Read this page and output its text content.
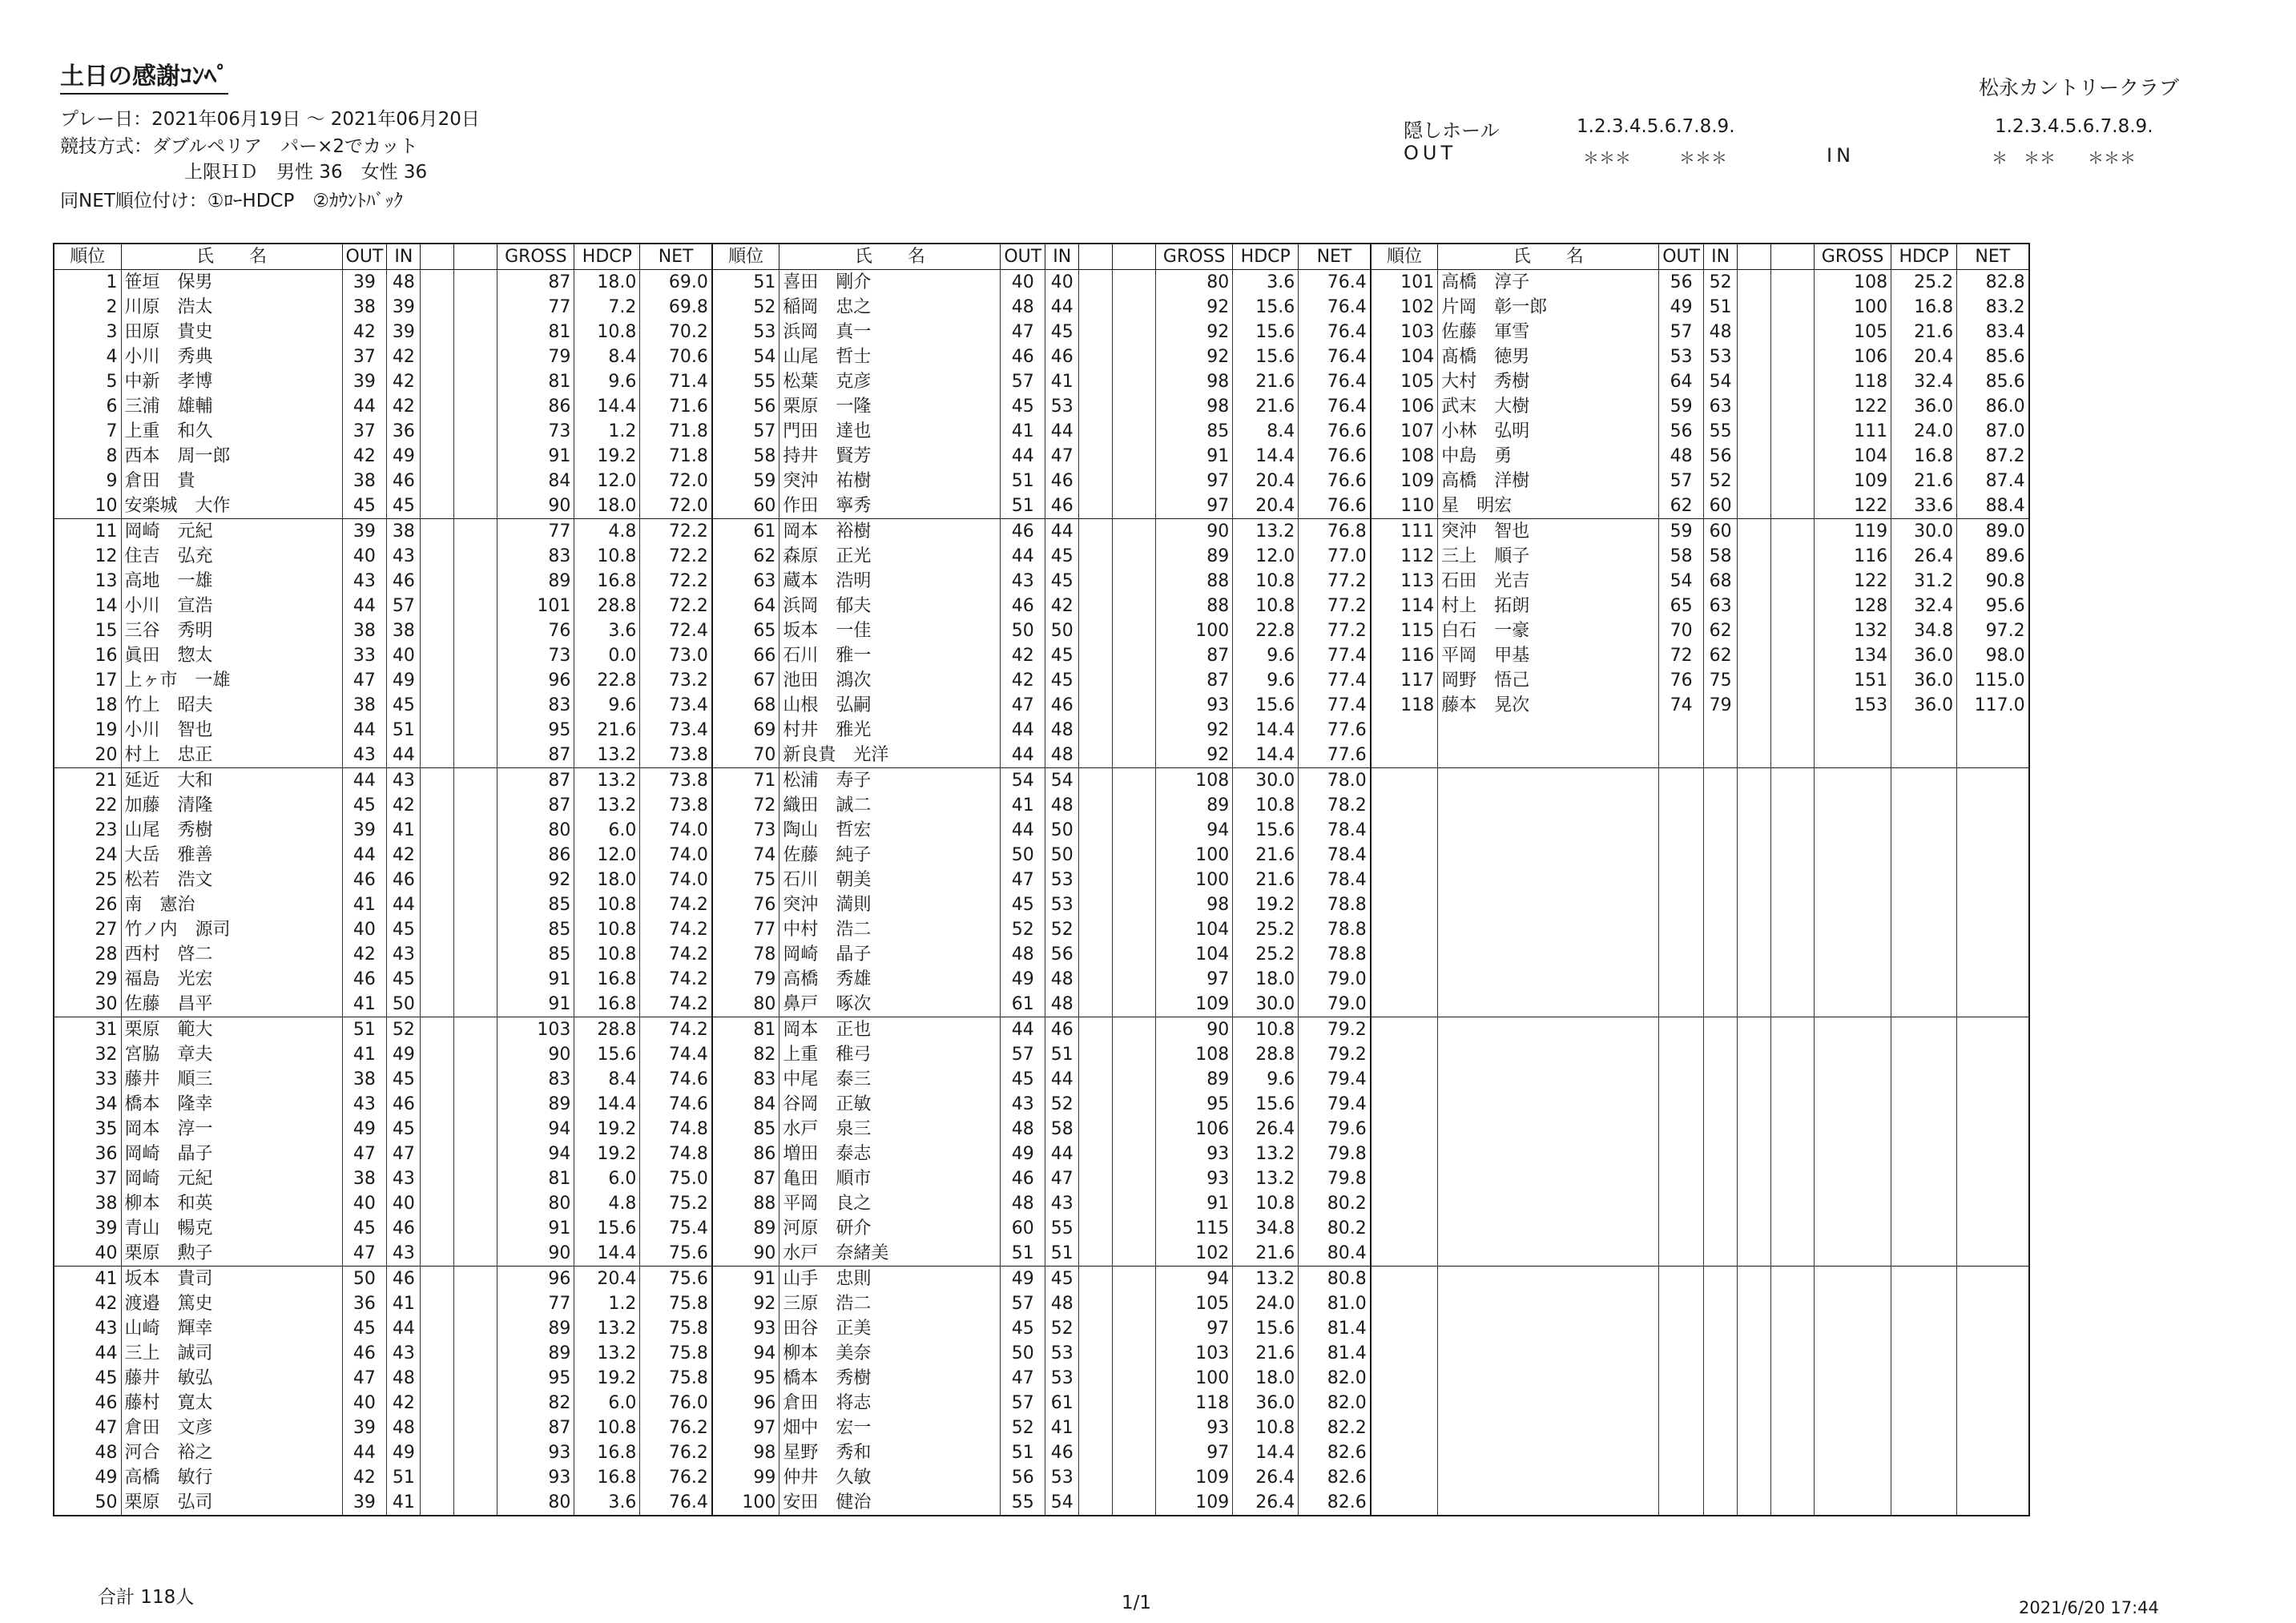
土日の感謝ｺﾝﾍﾟ	松永カントリークラブ
プレー日：2021年06月19日 ～ 2021年06月20日
競技方式：ダブルペリア　パー×2でカット
上限ＨＤ　男性 36　女性 36
同NET順位付け：①ﾛｰHDCP　②ｶｳﾝﾄﾊﾞｯｸ
隠しホール
OUT
1.2.3.4.5.6.7.8.9.	1.2.3.4.5.6.7.8.9.
＊＊＊　　　＊＊＊	IN	＊　＊＊　　＊＊＊
順位	氏　　名	OUT	IN			GROSS	HDCP	NET	順位	氏　　名	OUT	IN			GROSS	HDCP	NET	順位	氏　　名	OUT	IN			GROSS	HDCP	NET
1	笹垣　保男	39	48			87	18.0	69.0	51	喜田　剛介	40	40			80	3.6	76.4	101	高橋　淳子	56	52			108	25.2	82.8
2	川原　浩太	38	39			77	7.2	69.8	52	稲岡　忠之	48	44			92	15.6	76.4	102	片岡　彰一郎	49	51			100	16.8	83.2
3	田原　貴史	42	39			81	10.8	70.2	53	浜岡　真一	47	45			92	15.6	76.4	103	佐藤　軍雪	57	48			105	21.6	83.4
4	小川　秀典	37	42			79	8.4	70.6	54	山尾　哲士	46	46			92	15.6	76.4	104	髙橋　徳男	53	53			106	20.4	85.6
5	中新　孝博	39	42			81	9.6	71.4	55	松葉　克彦	57	41			98	21.6	76.4	105	大村　秀樹	64	54			118	32.4	85.6
6	三浦　雄輔	44	42			86	14.4	71.6	56	栗原　一隆	45	53			98	21.6	76.4	106	武末　大樹	59	63			122	36.0	86.0
7	上重　和久	37	36			73	1.2	71.8	57	門田　達也	41	44			85	8.4	76.6	107	小林　弘明	56	55			111	24.0	87.0
8	西本　周一郎	42	49			91	19.2	71.8	58	持井　賢芳	44	47			91	14.4	76.6	108	中島　勇	48	56			104	16.8	87.2
9	倉田　貴	38	46			84	12.0	72.0	59	突沖　祐樹	51	46			97	20.4	76.6	109	高橋　洋樹	57	52			109	21.6	87.4
10	安楽城　大作	45	45			90	18.0	72.0	60	作田　寧秀	51	46			97	20.4	76.6	110	星　明宏	62	60			122	33.6	88.4
11	岡崎　元紀	39	38			77	4.8	72.2	61	岡本　裕樹	46	44			90	13.2	76.8	111	突沖　智也	59	60			119	30.0	89.0
12	住吉　弘充	40	43			83	10.8	72.2	62	森原　正光	44	45			89	12.0	77.0	112	三上　順子	58	58			116	26.4	89.6
13	高地　一雄	43	46			89	16.8	72.2	63	蔵本　浩明	43	45			88	10.8	77.2	113	石田　光吉	54	68			122	31.2	90.8
14	小川　宣浩	44	57			101	28.8	72.2	64	浜岡　郁夫	46	42			88	10.8	77.2	114	村上　拓朗	65	63			128	32.4	95.6
15	三谷　秀明	38	38			76	3.6	72.4	65	坂本　一佳	50	50			100	22.8	77.2	115	白石　一豪	70	62			132	34.8	97.2
16	眞田　惣太	33	40			73	0.0	73.0	66	石川　雅一	42	45			87	9.6	77.4	116	平岡　甲基	72	62			134	36.0	98.0
17	上ヶ市　一雄	47	49			96	22.8	73.2	67	池田　鴻次	42	45			87	9.6	77.4	117	岡野　悟己	76	75			151	36.0	115.0
18	竹上　昭夫	38	45			83	9.6	73.4	68	山根　弘嗣	47	46			93	15.6	77.4	118	藤本　晃次	74	79			153	36.0	117.0
19	小川　智也	44	51			95	21.6	73.4	69	村井　雅光	44	48			92	14.4	77.6									
20	村上　忠正	43	44			87	13.2	73.8	70	新良貴　光洋	44	48			92	14.4	77.6									
21	延近　大和	44	43			87	13.2	73.8	71	松浦　寿子	54	54			108	30.0	78.0									
22	加藤　清隆	45	42			87	13.2	73.8	72	織田　誠二	41	48			89	10.8	78.2									
23	山尾　秀樹	39	41			80	6.0	74.0	73	陶山　哲宏	44	50			94	15.6	78.4									
24	大岳　雅善	44	42			86	12.0	74.0	74	佐藤　純子	50	50			100	21.6	78.4									
25	松若　浩文	46	46			92	18.0	74.0	75	石川　朝美	47	53			100	21.6	78.4									
26	南　憲治	41	44			85	10.8	74.2	76	突沖　満則	45	53			98	19.2	78.8									
27	竹ノ内　源司	40	45			85	10.8	74.2	77	中村　浩二	52	52			104	25.2	78.8									
28	西村　啓二	42	43			85	10.8	74.2	78	岡崎　晶子	48	56			104	25.2	78.8									
29	福島　光宏	46	45			91	16.8	74.2	79	高橋　秀雄	49	48			97	18.0	79.0									
30	佐藤　昌平	41	50			91	16.8	74.2	80	鼻戸　啄次	61	48			109	30.0	79.0									
31	栗原　範大	51	52			103	28.8	74.2	81	岡本　正也	44	46			90	10.8	79.2									
32	宮脇　章夫	41	49			90	15.6	74.4	82	上重　稚弓	57	51			108	28.8	79.2									
33	藤井　順三	38	45			83	8.4	74.6	83	中尾　泰三	45	44			89	9.6	79.4									
34	橋本　隆幸	43	46			89	14.4	74.6	84	谷岡　正敏	43	52			95	15.6	79.4									
35	岡本　淳一	49	45			94	19.2	74.8	85	水戸　泉三	48	58			106	26.4	79.6									
36	岡崎　晶子	47	47			94	19.2	74.8	86	増田　泰志	49	44			93	13.2	79.8									
37	岡崎　元紀	38	43			81	6.0	75.0	87	亀田　順市	46	47			93	13.2	79.8									
38	柳本　和英	40	40			80	4.8	75.2	88	平岡　良之	48	43			91	10.8	80.2									
39	青山　暢克	45	46			91	15.6	75.4	89	河原　研介	60	55			115	34.8	80.2									
40	栗原　勲子	47	43			90	14.4	75.6	90	水戸　奈緒美	51	51			102	21.6	80.4									
41	坂本　貴司	50	46			96	20.4	75.6	91	山手　忠則	49	45			94	13.2	80.8									
42	渡邉　篤史	36	41			77	1.2	75.8	92	三原　浩二	57	48			105	24.0	81.0									
43	山崎　輝幸	45	44			89	13.2	75.8	93	田谷　正美	45	52			97	15.6	81.4									
44	三上　誠司	46	43			89	13.2	75.8	94	柳本　美奈	50	53			103	21.6	81.4									
45	藤井　敏弘	47	48			95	19.2	75.8	95	橋本　秀樹	47	53			100	18.0	82.0									
46	藤村　寛太	40	42			82	6.0	76.0	96	倉田　将志	57	61			118	36.0	82.0									
47	倉田　文彦	39	48			87	10.8	76.2	97	畑中　宏一	52	41			93	10.8	82.2									
48	河合　裕之	44	49			93	16.8	76.2	98	星野　秀和	51	46			97	14.4	82.6									
49	高橋　敏行	42	51			93	16.8	76.2	99	仲井　久敏	56	53			109	26.4	82.6									
50	栗原　弘司	39	41			80	3.6	76.4	100	安田　健治	55	54			109	26.4	82.6									
合計 118人	1/1	2021/6/20 17:44
